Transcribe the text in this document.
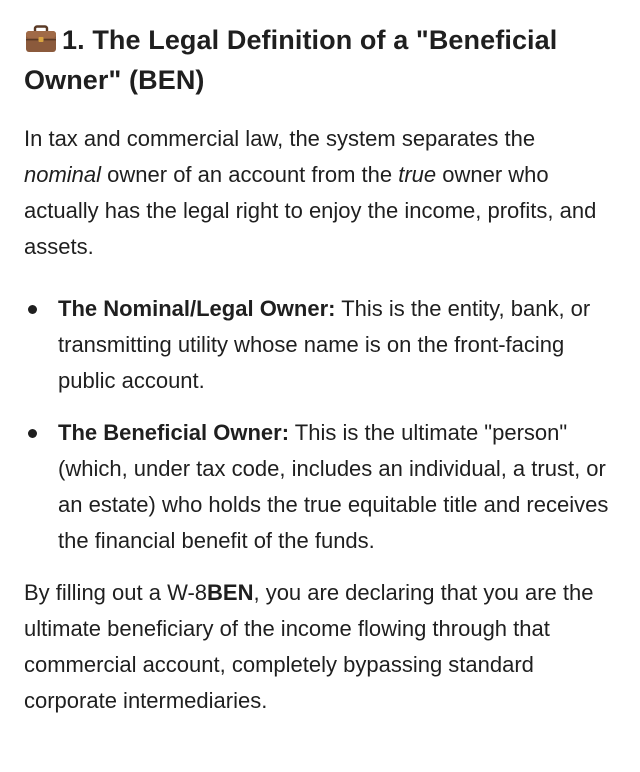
1. The Legal Definition of a "Beneficial Owner" (BEN)

In tax and commercial law, the system separates the nominal owner of an account from the true owner who actually has the legal right to enjoy the income, profits, and assets.

The Nominal/Legal Owner: This is the entity, bank, or transmitting utility whose name is on the front-facing public account.
The Beneficial Owner: This is the ultimate "person" (which, under tax code, includes an individual, a trust, or an estate) who holds the true equitable title and receives the financial benefit of the funds.

By filling out a W-8BEN, you are declaring that you are the ultimate beneficiary of the income flowing through that commercial account, completely bypassing standard corporate intermediaries.
